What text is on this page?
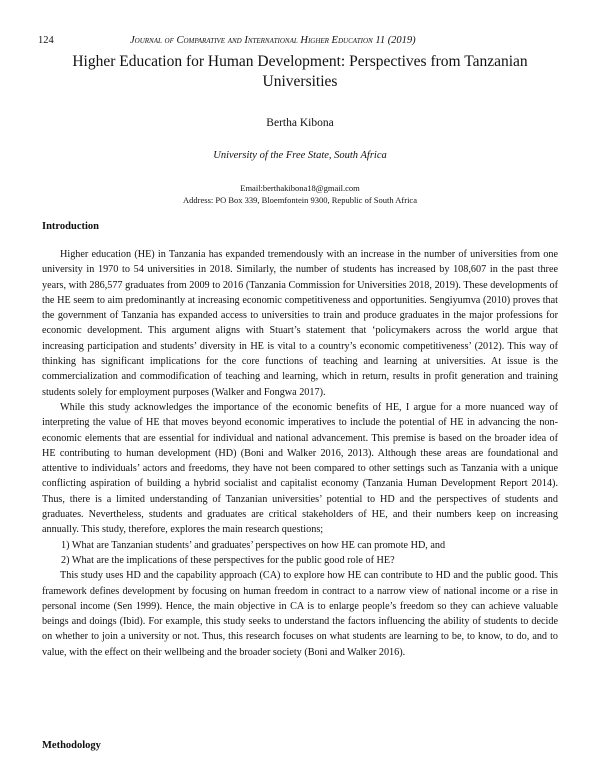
124	Journal of Comparative and International Higher Education 11 (2019)
Higher Education for Human Development: Perspectives from Tanzanian Universities
Bertha Kibona
University of the Free State, South Africa
Email:berthakibona18@gmail.com
Address: PO Box 339, Bloemfontein 9300, Republic of South Africa
Introduction

Higher education (HE) in Tanzania has expanded tremendously with an increase in the number of universities from one university in 1970 to 54 universities in 2018. Similarly, the number of students has increased by 108,607 in the past three years, with 286,577 graduates from 2009 to 2016 (Tanzania Commission for Universities 2018, 2019). These developments of the HE seem to aim predominantly at increasing economic competitiveness and opportunities. Sengiyumva (2010) proves that the government of Tanzania has expanded access to universities to train and produce graduates in the major professions for economic development. This argument aligns with Stuart’s statement that ‘policymakers across the world argue that increasing participation and students’ diversity in HE is vital to a country’s economic competitiveness’ (2012). This way of thinking has significant implications for the core functions of teaching and learning at universities. At issue is the commercialization and commodification of teaching and learning, which in return, results in profit generation and training students solely for employment purposes (Walker and Fongwa 2017).

While this study acknowledges the importance of the economic benefits of HE, I argue for a more nuanced way of interpreting the value of HE that moves beyond economic imperatives to include the potential of HE in advancing the non-economic elements that are essential for individual and national advancement. This premise is based on the broader idea of HE contributing to human development (HD) (Boni and Walker 2016, 2013). Although these areas are foundational and attentive to individuals’ actors and freedoms, they have not been compared to other settings such as Tanzania with a unique conflicting aspiration of building a hybrid socialist and capitalist economy (Tanzania Human Development Report 2014). Thus, there is a limited understanding of Tanzanian universities’ potential to HD and the perspectives of students and graduates. Nevertheless, students and graduates are critical stakeholders of HE, and their numbers keep on increasing annually. This study, therefore, explores the main research questions;

1) What are Tanzanian students’ and graduates’ perspectives on how HE can promote HD, and
2) What are the implications of these perspectives for the public good role of HE?

This study uses HD and the capability approach (CA) to explore how HE can contribute to HD and the public good. This framework defines development by focusing on human freedom in contract to a narrow view of national income or a rise in personal income (Sen 1999). Hence, the main objective in CA is to enlarge people’s freedom so they can achieve valuable beings and doings (Ibid). For example, this study seeks to understand the factors influencing the ability of students to decide on whether to join a university or not. Thus, this research focuses on what students are learning to be, to know, to do, and to value, with the effect on their wellbeing and the broader society (Boni and Walker 2016).

Methodology
